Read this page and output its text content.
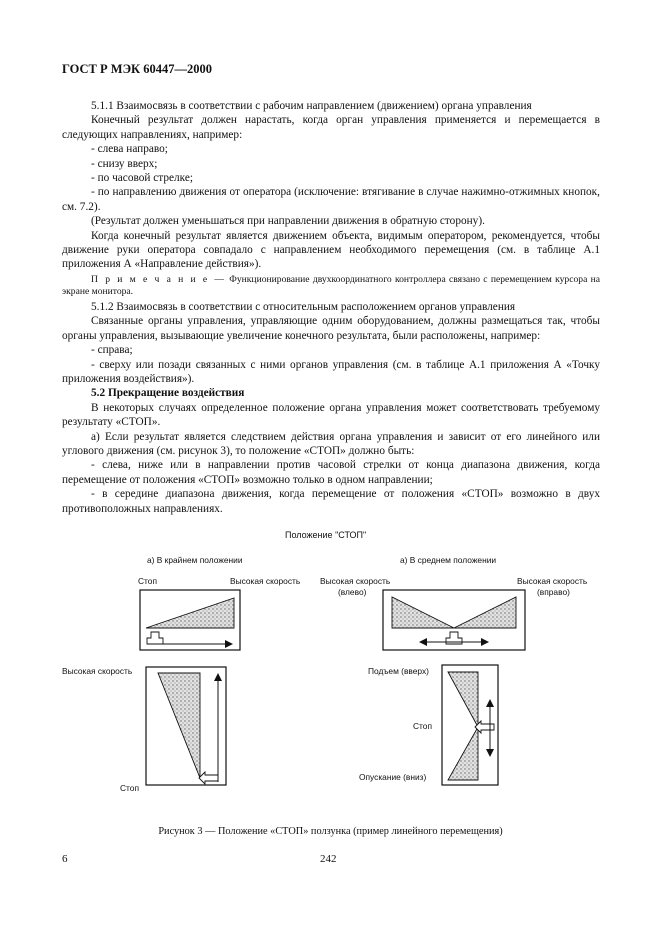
ГОСТ Р МЭК 60447—2000

5.1.1 Взаимосвязь в соответствии с рабочим направлением (движением) органа управления

Конечный результат должен нарастать, когда орган управления применяется и перемещается в следующих направлениях, например:

- слева направо;

- снизу вверх;

- по часовой стрелке;

- по направлению движения от оператора (исключение: втягивание в случае нажимно-отжимных кнопок, см. 7.2).

(Результат должен уменьшаться при направлении движения в обратную сторону).

Когда конечный результат является движением объекта, видимым оператором, рекомендуется, чтобы движение руки оператора совпадало с направлением необходимого перемещения (см. в таблице А.1 приложения А «Направление действия»).

П р и м е ч а н и е — Функционирование двухкоординатного контроллера связано с перемещением курсора на экране монитора.

5.1.2 Взаимосвязь в соответствии с относительным расположением органов управления

Связанные органы управления, управляющие одним оборудованием, должны размещаться так, чтобы органы управления, вызывающие увеличение конечного результата, были расположены, например:

- справа;

- сверху или позади связанных с ними органов управления (см. в таблице А.1 приложения А «Точку приложения воздействия»).

5.2 Прекращение воздействия

В некоторых случаях определенное положение органа управления может соответствовать требуемому результату «СТОП».

а) Если результат является следствием действия органа управления и зависит от его линейного или углового движения (см. рисунок 3), то положение «СТОП» должно быть:

- слева, ниже или в направлении против часовой стрелки от конца диапазона движения, когда перемещение от положения «СТОП» возможно только в одном направлении;

- в середине диапазона движения, когда перемещение от положения «СТОП» возможно в двух противоположных направлениях.

Положение "СТОП"
а) В крайнем положении	а) В среднем положении
Стоп	Высокая скорость Высокая скорость
(влево)
Высокая скорость
(вправо)
Высокая скорость
Стоп
Подъем (вверх)
Стоп
Опускание (вниз)
Рисунок 3 — Положение «СТОП» ползунка (пример линейного перемещения)
6	242
